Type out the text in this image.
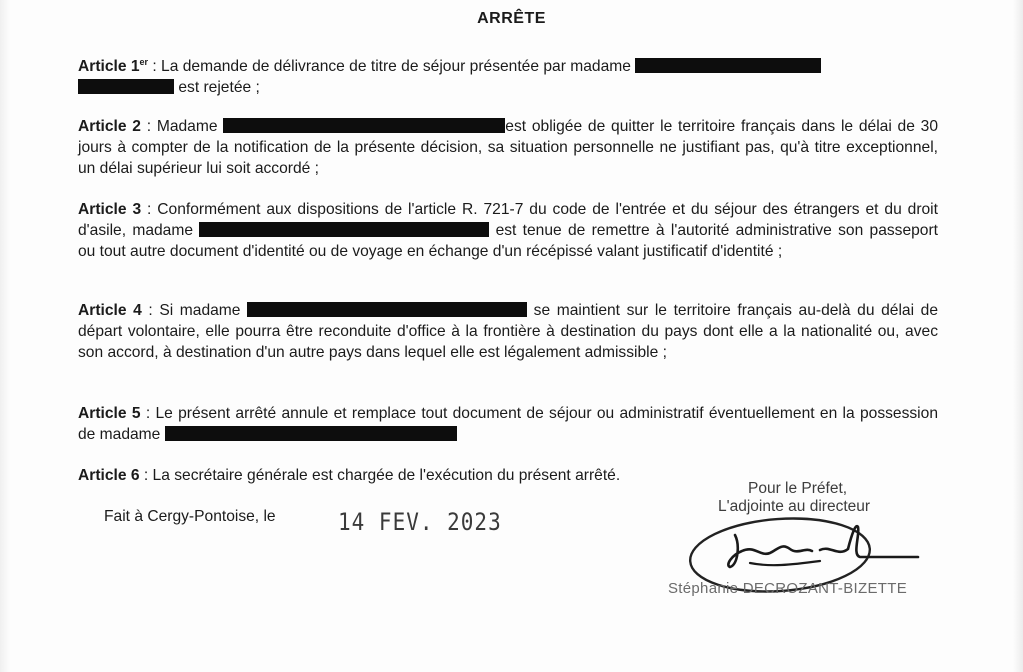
ARRÊTE
Article 1er : La demande de délivrance de titre de séjour présentée par madame
est rejetée ;
Article 2 : Madame	est obligée de quitter le territoire français dans le délai de 30 jours à compter de la notification de la présente décision, sa situation personnelle ne justifiant pas, qu'à titre exceptionnel, un délai supérieur lui soit accordé ;
Article 3 : Conformément aux dispositions de l'article R. 721-7 du code de l'entrée et du séjour des étrangers et du droit d'asile, madame	est tenue de remettre à l'autorité administrative son passeport ou tout autre document d'identité ou de voyage en échange d'un récépissé valant justificatif d'identité ;
Article 4 : Si madame	se maintient sur le territoire français au-delà du délai de départ volontaire, elle pourra être reconduite d'office à la frontière à destination du pays dont elle a la nationalité ou, avec son accord, à destination d'un autre pays dans lequel elle est légalement admissible ;
Article 5 : Le présent arrêté annule et remplace tout document de séjour ou administratif éventuellement en la possession de madame
Article 6 : La secrétaire générale est chargée de l'exécution du présent arrêté.
Fait à Cergy-Pontoise, le	14 FEV. 2023
Pour le Préfet,
L'adjointe au directeur
Stéphanie DECROZANT-BIZETTE
